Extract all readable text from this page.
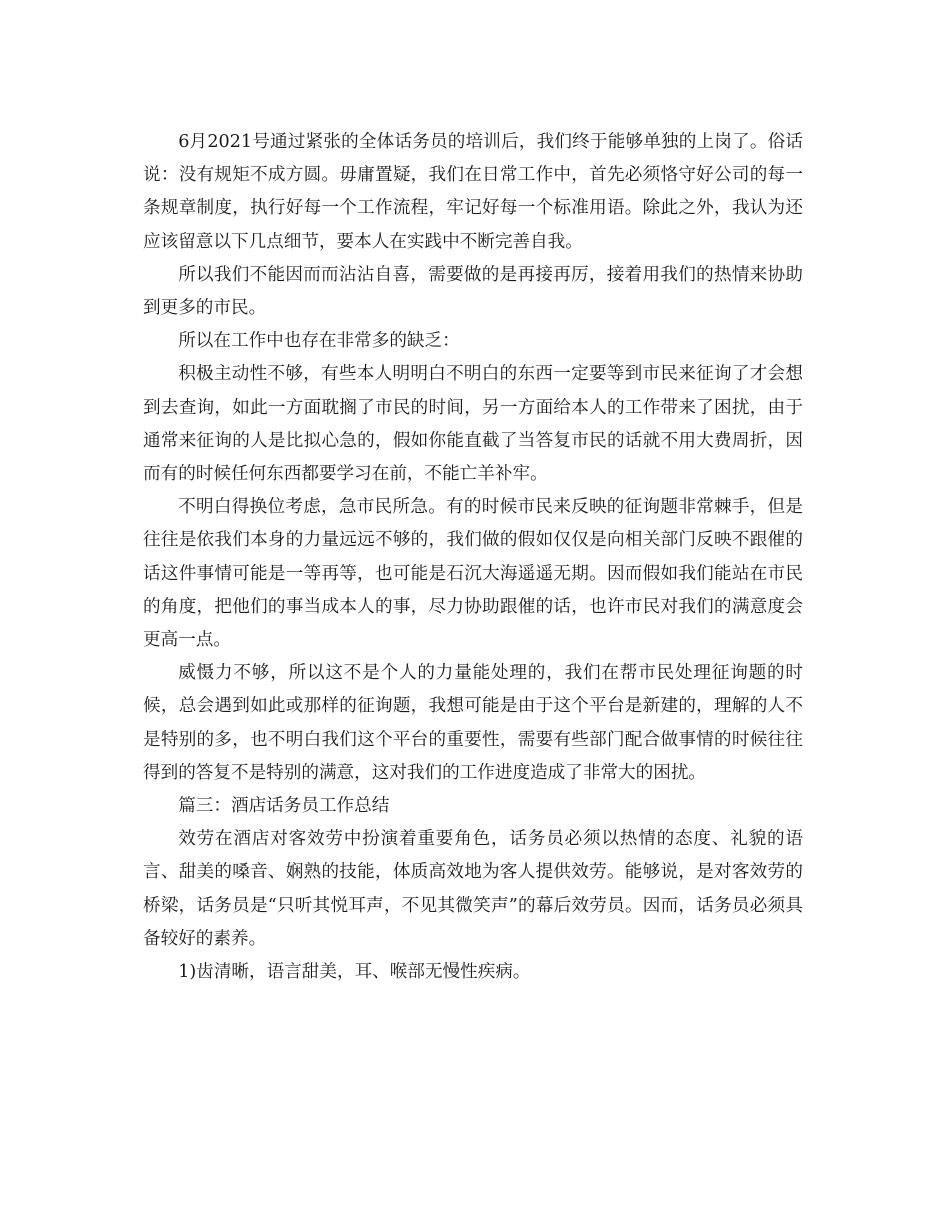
6月2021号通过紧张的全体话务员的培训后，我们终于能够单独的上岗了。俗话说：没有规矩不成方圆。毋庸置疑，我们在日常工作中，首先必须恪守好公司的每一条规章制度，执行好每一个工作流程，牢记好每一个标准用语。除此之外，我认为还应该留意以下几点细节，要本人在实践中不断完善自我。

所以我们不能因而而沾沾自喜，需要做的是再接再厉，接着用我们的热情来协助到更多的市民。

所以在工作中也存在非常多的缺乏：

积极主动性不够，有些本人明明白不明白的东西一定要等到市民来征询了才会想到去查询，如此一方面耽搁了市民的时间，另一方面给本人的工作带来了困扰，由于通常来征询的人是比拟心急的，假如你能直截了当答复市民的话就不用大费周折，因而有的时候任何东西都要学习在前，不能亡羊补牢。

不明白得换位考虑，急市民所急。有的时候市民来反映的征询题非常棘手，但是往往是依我们本身的力量远远不够的，我们做的假如仅仅是向相关部门反映不跟催的话这件事情可能是一等再等，也可能是石沉大海遥遥无期。因而假如我们能站在市民的角度，把他们的事当成本人的事，尽力协助跟催的话，也许市民对我们的满意度会更高一点。

威慑力不够，所以这不是个人的力量能处理的，我们在帮市民处理征询题的时候，总会遇到如此或那样的征询题，我想可能是由于这个平台是新建的，理解的人不是特别的多，也不明白我们这个平台的重要性，需要有些部门配合做事情的时候往往得到的答复不是特别的满意，这对我们的工作进度造成了非常大的困扰。

篇三：酒店话务员工作总结

效劳在酒店对客效劳中扮演着重要角色，话务员必须以热情的态度、礼貌的语言、甜美的嗓音、娴熟的技能，体质高效地为客人提供效劳。能够说，是对客效劳的桥梁，话务员是“只听其悦耳声，不见其微笑声”的幕后效劳员。因而，话务员必须具备较好的素养。

1)齿清晰，语言甜美，耳、喉部无慢性疾病。
